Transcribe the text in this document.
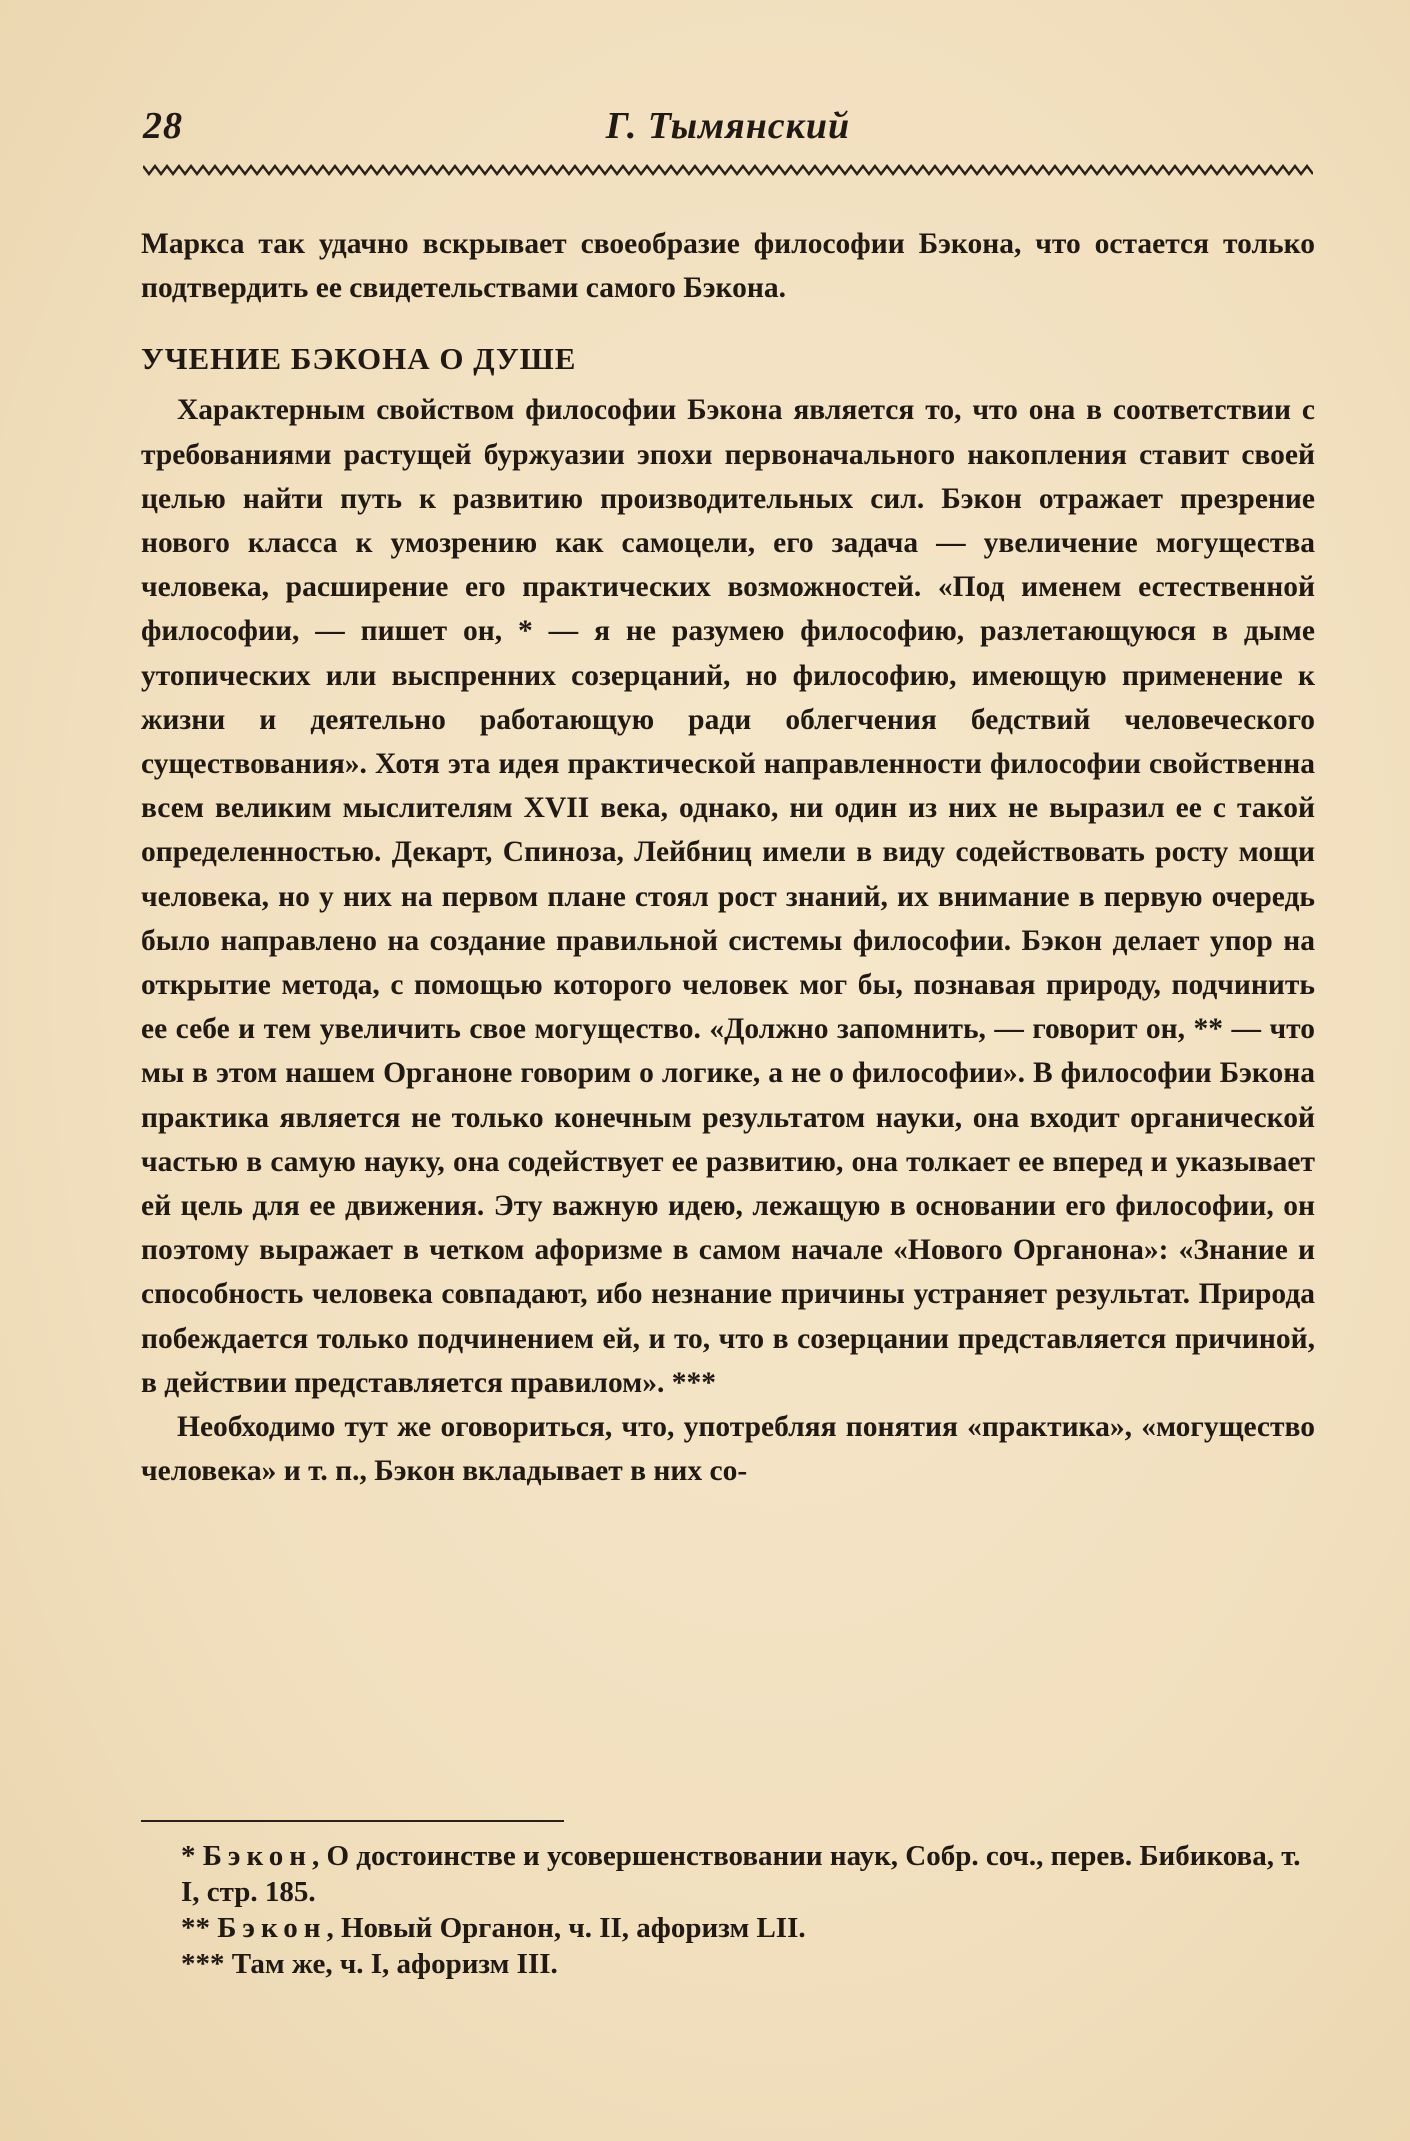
28	Г. Тымянский

Маркса так удачно вскрывает своеобразие философии Бэкона, что остается только подтвердить ее свидетельствами самого Бэкона.

УЧЕНИЕ БЭКОНА О ДУШЕ

Характерным свойством философии Бэкона является то, что она в соответствии с требованиями растущей буржуазии эпохи первоначального накопления ставит своей целью найти путь к развитию производительных сил. Бэкон отражает презрение нового класса к умозрению как самоцели, его задача — увеличение могущества человека, расширение его практических возможностей. «Под именем естественной философии, — пишет он, * — я не разумею философию, разлетающуюся в дыме утопических или выспренних созерцаний, но философию, имеющую применение к жизни и деятельно работающую ради облегчения бедствий человеческого существования». Хотя эта идея практической направленности философии свойственна всем великим мыслителям XVII века, однако, ни один из них не выразил ее с такой определенностью. Декарт, Спиноза, Лейбниц имели в виду содействовать росту мощи человека, но у них на первом плане стоял рост знаний, их внимание в первую очередь было направлено на создание правильной системы философии. Бэкон делает упор на открытие метода, с помощью которого человек мог бы, познавая природу, подчинить ее себе и тем увеличить свое могущество. «Должно запомнить, — говорит он, ** — что мы в этом нашем Органоне говорим о логике, а не о философии». В философии Бэкона практика является не только конечным результатом науки, она входит органической частью в самую науку, она содействует ее развитию, она толкает ее вперед и указывает ей цель для ее движения. Эту важную идею, лежащую в основании его философии, он поэтому выражает в четком афоризме в самом начале «Нового Органона»: «Знание и способность человека совпадают, ибо незнание причины устраняет результат. Природа побеждается только подчинением ей, и то, что в созерцании представляется причиной, в действии представляется правилом». ***

Необходимо тут же оговориться, что, употребляя понятия «практика», «могущество человека» и т. п., Бэкон вкладывает в них со-

* Бэкон, О достоинстве и усовершенствовании наук, Собр. соч., перев. Бибикова, т. I, стр. 185.

** Бэкон, Новый Органон, ч. II, афоризм LII.

*** Там же, ч. I, афоризм III.
